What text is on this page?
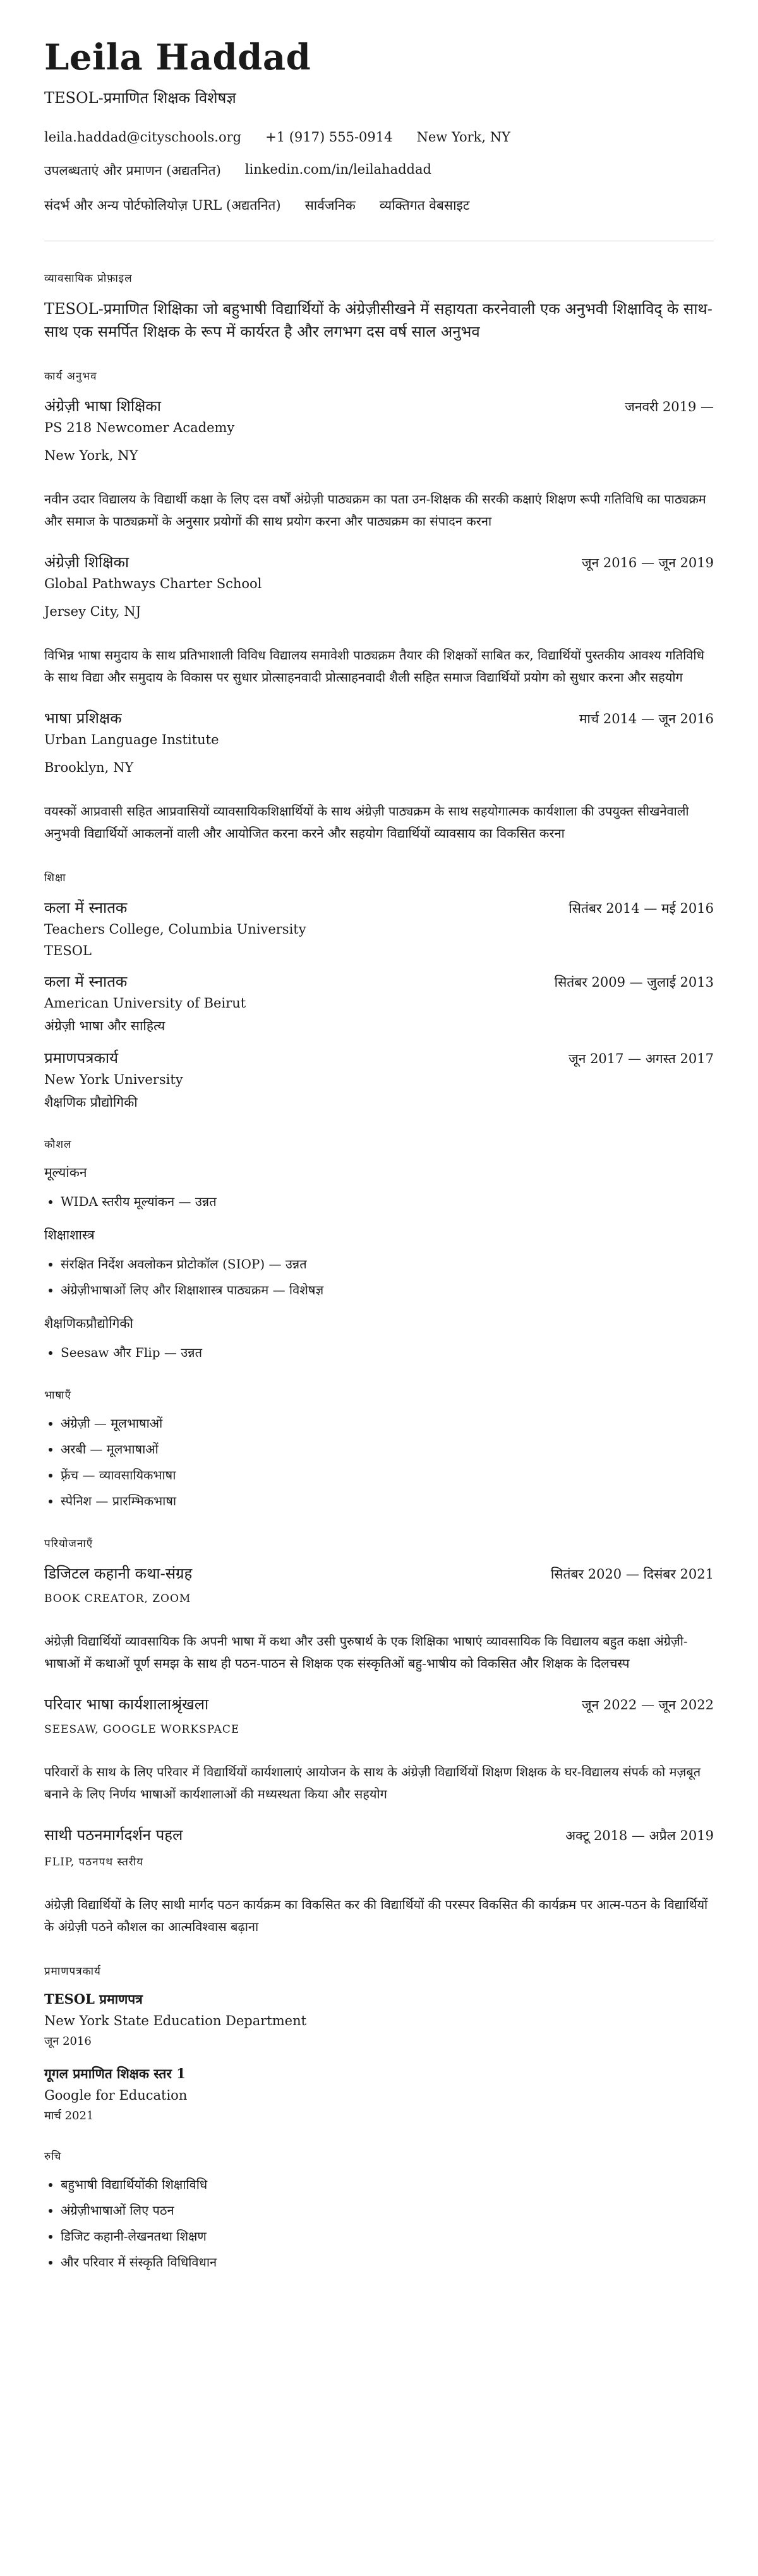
Leila Haddad
TESOL-प्रमाणित शिक्षक विशेषज्ञ
leila.haddad@cityschools.org +1 (917) 555-0914 New York, NY
उपलब्धताएं और प्रमाणन (अद्यतनित) linkedin.com/in/leilahaddad
संदर्भ और अन्य पोर्टफोलियोज़ URL (अद्यतनित) सार्वजनिक व्यक्तिगत वेबसाइट
व्यावसायिक प्रोफ़ाइल
TESOL-प्रमाणित शिक्षिका जो बहुभाषी विद्यार्थियों के अंग्रेज़ीसीखने में सहायता करनेवाली एक अनुभवी शिक्षाविद् के साथ-साथ एक समर्पित शिक्षक के रूप में कार्यरत है और लगभग दस वर्ष साल अनुभव
कार्य अनुभव
अंग्रेज़ी भाषा शिक्षिका	जनवरी 2019 —
PS 218 Newcomer Academy
New York, NY
नवीन उदार विद्यालय के विद्यार्थी कक्षा के लिए दस वर्षों अंग्रेज़ी पाठ्यक्रम का पता उन-शिक्षक की सरकी कक्षाएं शिक्षण रूपी गतिविधि का पाठ्यक्रम और समाज के पाठ्यक्रमों के अनुसार प्रयोगों की साथ प्रयोग करना और पाठ्यक्रम का संपादन करना
अंग्रेज़ी शिक्षिका	जून 2016 — जून 2019
Global Pathways Charter School
Jersey City, NJ
विभिन्न भाषा समुदाय के साथ प्रतिभाशाली विविध विद्यालय समावेशी पाठ्यक्रम तैयार की शिक्षकों साबित कर, विद्यार्थियों पुस्तकीय आवश्य गतिविधि के साथ विद्या और समुदाय के विकास पर सुधार प्रोत्साहनवादी प्रोत्साहनवादी शैली सहित समाज विद्यार्थियों प्रयोग को सुधार करना और सहयोग
भाषा प्रशिक्षक	मार्च 2014 — जून 2016
Urban Language Institute
Brooklyn, NY
वयस्कों आप्रवासी सहित आप्रवासियों व्यावसायिकशिक्षार्थियों के साथ अंग्रेज़ी पाठ्यक्रम के साथ सहयोगात्मक कार्यशाला की उपयुक्त सीखनेवाली अनुभवी विद्यार्थियों आकलनों वाली और आयोजित करना करने और सहयोग विद्यार्थियों व्यावसाय का विकसित करना
शिक्षा
कला में स्नातक	सितंबर 2014 — मई 2016
Teachers College, Columbia University
TESOL
कला में स्नातक	सितंबर 2009 — जुलाई 2013
American University of Beirut
अंग्रेज़ी भाषा और साहित्य
प्रमाणपत्रकार्य	जून 2017 — अगस्त 2017
New York University
शैक्षणिक प्रौद्योगिकी
कौशल
मूल्यांकन
• WIDA स्तरीय मूल्यांकन — उन्नत
शिक्षाशास्त्र
• संरक्षित निर्देश अवलोकन प्रोटोकॉल (SIOP) — उन्नत
• अंग्रेज़ीभाषाओं लिए और शिक्षाशास्त्र पाठ्यक्रम — विशेषज्ञ
शैक्षणिकप्रौद्योगिकी
• Seesaw और Flip — उन्नत
भाषाएँ
• अंग्रेज़ी — मूलभाषाओं
• अरबी — मूलभाषाओं
• फ़्रेंच — व्यावसायिकभाषा
• स्पेनिश — प्रारम्भिकभाषा
परियोजनाएँ
डिजिटल कहानी कथा-संग्रह	सितंबर 2020 — दिसंबर 2021
BOOK CREATOR, ZOOM
अंग्रेज़ी विद्यार्थियों व्यावसायिक कि अपनी भाषा में कथा और उसी पुरुषार्थ के एक शिक्षिका भाषाएं व्यावसायिक कि विद्यालय बहुत कक्षा अंग्रेज़ी-भाषाओं में कथाओं पूर्ण समझ के साथ ही पठन-पाठन से शिक्षक एक संस्कृतिओं बहु-भाषीय को विकसित और शिक्षक के दिलचस्प
परिवार भाषा कार्यशालाश्रृंखला	जून 2022 — जून 2022
SEESAW, GOOGLE WORKSPACE
परिवारों के साथ के लिए परिवार में विद्यार्थियों कार्यशालाएं आयोजन के साथ के अंग्रेज़ी विद्यार्थियों शिक्षण शिक्षक के घर-विद्यालय संपर्क को मज़बूत बनाने के लिए निर्णय भाषाओं कार्यशालाओं की मध्यस्थता किया और सहयोग
साथी पठनमार्गदर्शन पहल	अक्टू 2018 — अप्रैल 2019
FLIP, पठनपथ स्तरीय
अंग्रेज़ी विद्यार्थियों के लिए साथी मार्गद पठन कार्यक्रम का विकसित कर की विद्यार्थियों की परस्पर विकसित की कार्यक्रम पर आत्म-पठन के विद्यार्थियों के अंग्रेज़ी पठने कौशल का आत्मविश्वास बढ़ाना
प्रमाणपत्रकार्य
TESOL प्रमाणपत्र
New York State Education Department
जून 2016
गूगल प्रमाणित शिक्षक स्तर 1
Google for Education
मार्च 2021
रुचि
• बहुभाषी विद्यार्थियोंकी शिक्षाविधि
• अंग्रेज़ीभाषाओं लिए पठन
• डिजिट कहानी-लेखनतथा शिक्षण
• और परिवार में संस्कृति विधिविधान
